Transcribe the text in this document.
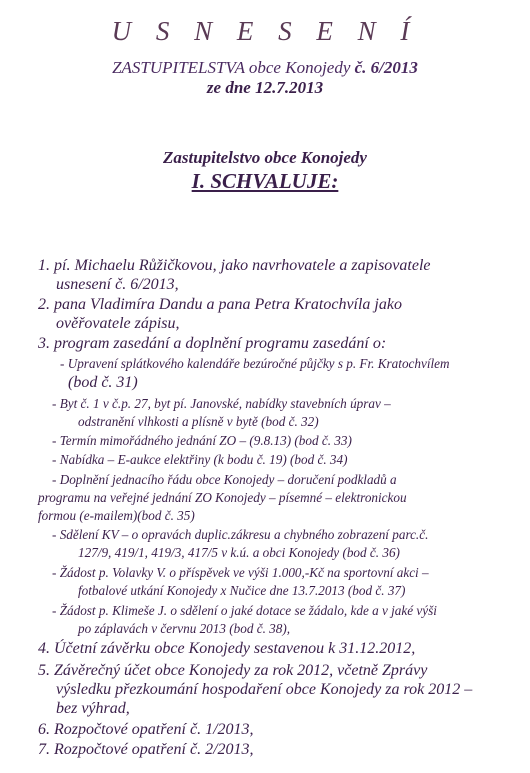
U S N E S E N Í
ZASTUPITELSTVA obce Konojedy č. 6/2013
ze dne 12.7.2013
Zastupitelstvo obce Konojedy
I. SCHVALUJE:
1. pí. Michaelu Růžičkovou, jako navrhovatele a zapisovatele
usnesení č. 6/2013,
2. pana Vladimíra Dandu a pana Petra Kratochvíla jako
ověřovatele zápisu,
3. program zasedání a doplnění programu zasedání o:
- Upravení splátkového kalendáře bezúročné půjčky s p. Fr. Kratochvílem
(bod č. 31)
- Byt č. 1 v č.p. 27, byt pí. Janovské, nabídky stavebních úprav –
odstranění vlhkosti a plísně v bytě (bod č. 32)
- Termín mimořádného jednání ZO – (9.8.13) (bod č. 33)
- Nabídka – E-aukce elektřiny (k bodu č. 19) (bod č. 34)
- Doplnění jednacího řádu obce Konojedy – doručení podkladů a
programu na veřejné jednání ZO Konojedy – písemné – elektronickou
formou (e-mailem)(bod č. 35)
- Sdělení KV – o opravách duplic.zákresu a chybného zobrazení parc.č.
127/9, 419/1, 419/3, 417/5 v k.ú. a obci Konojedy (bod č. 36)
- Žádost p. Volavky V. o příspěvek ve výši 1.000,-Kč na sportovní akci –
fotbalové utkání Konojedy x Nučice dne 13.7.2013 (bod č. 37)
- Žádost p. Klimeše J. o sdělení o jaké dotace se žádalo, kde a v jaké výši
po záplavách v červnu 2013 (bod č. 38),
4. Účetní závěrku obce Konojedy sestavenou k 31.12.2012,
5. Závěrečný účet obce Konojedy za rok 2012, včetně Zprávy
výsledku přezkoumání hospodaření obce Konojedy za rok 2012 –
bez výhrad,
6. Rozpočtové opatření č. 1/2013,
7. Rozpočtové opatření č. 2/2013,
